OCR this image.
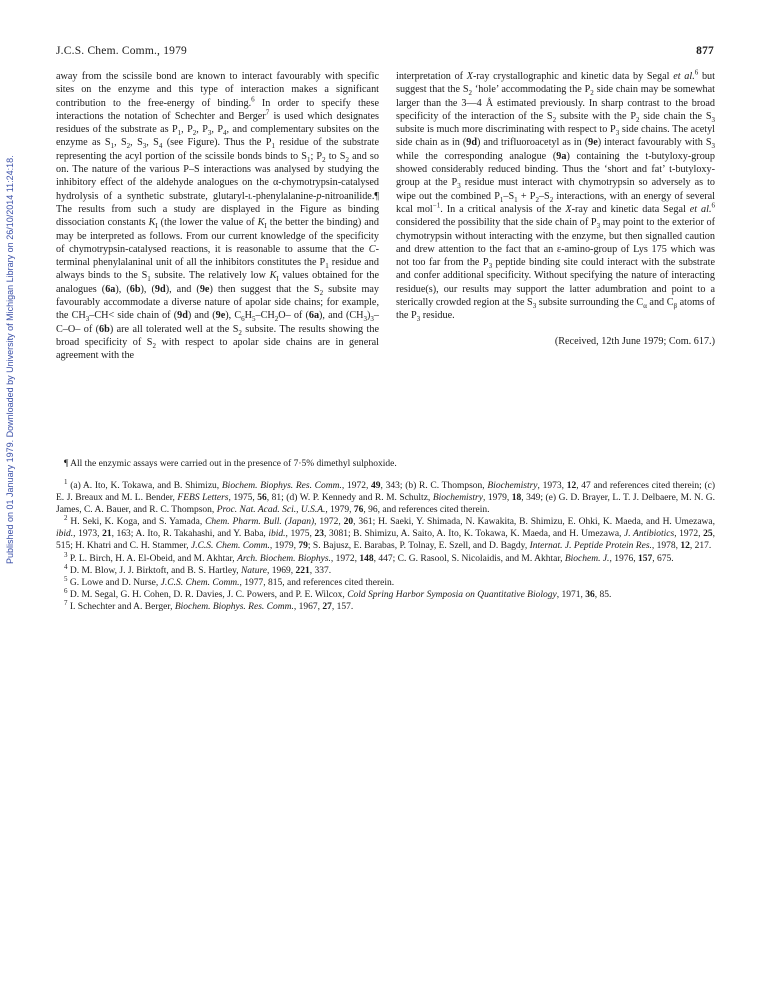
Published on 01 January 1979. Downloaded by University of Michigan Library on 26/10/2014 11:24:18.
J.C.S. Chem. Comm., 1979	877

away from the scissile bond are known to interact favourably with specific sites on the enzyme and this type of interaction makes a significant contribution to the free-energy of binding.$^6$ In order to specify these interactions the notation of Schechter and Berger$^7$ is used which designates residues of the substrate as $P_1$, $P_2$, $P_3$, $P_4$, and complementary subsites on the enzyme as $S_1$, $S_2$, $S_3$, $S_4$ (see Figure). Thus the $P_1$ residue of the substrate representing the acyl portion of the scissile bonds binds to $S_1$; $P_2$ to $S_2$ and so on. The nature of the various P–S interactions was analysed by studying the inhibitory effect of the aldehyde analogues on the α-chymotrypsin-catalysed hydrolysis of a synthetic substrate, glutaryl-l-phenylalanine-p-nitroanilide.¶ The results from such a study are displayed in the Figure as binding dissociation constants $K_I$ (the lower the value of $K_I$ the better the binding) and may be interpreted as follows. From our current knowledge of the specificity of chymotrypsin-catalysed reactions, it is reasonable to assume that the C-terminal phenylalaninal unit of all the inhibitors constitutes the $P_1$ residue and always binds to the $S_1$ subsite. The relatively low $K_I$ values obtained for the analogues (6a), (6b), (9d), and (9e) then suggest that the $S_2$ subsite may favourably accommodate a diverse nature of apolar side chains; for example, the $CH_3-CH<$ side chain of (9d) and (9e), $C_6H_5-CH_2O-$ of (6a), and $(CH_3)_3-C-O-$ of (6b) are all tolerated well at the $S_2$ subsite. The results showing the broad specificity of $S_2$ with respect to apolar side chains are in general agreement with the

interpretation of X-ray crystallographic and kinetic data by Segal et al.$^6$ but suggest that the $S_2$ ‘hole’ accommodating the $P_2$ side chain may be somewhat larger than the 3—4 Å estimated previously. In sharp contrast to the broad specificity of the interaction of the $S_2$ subsite with the $P_2$ side chain the $S_3$ subsite is much more discriminating with respect to $P_3$ side chains. The acetyl side chain as in (9d) and trifluoroacetyl as in (9e) interact favourably with $S_3$ while the corresponding analogue (9a) containing the t-butyloxy-group showed considerably reduced binding. Thus the ‘short and fat’ t-butyloxy-group at the $P_3$ residue must interact with chymotrypsin so adversely as to wipe out the combined $P_1-S_1 + P_2-S_2$ interactions, with an energy of several kcal mol$^{-1}$. In a critical analysis of the X-ray and kinetic data Segal et al.$^6$ considered the possibility that the side chain of $P_3$ may point to the exterior of chymotrypsin without interacting with the enzyme, but then signalled caution and drew attention to the fact that an ε-amino-group of Lys 175 which was not too far from the $P_3$ peptide binding site could interact with the substrate and confer additional specificity. Without specifying the nature of interacting residue(s), our results may support the latter adumbration and point to a sterically crowded region at the $S_3$ subsite surrounding the $C_\alpha$ and $C_\beta$ atoms of the $P_3$ residue.

(Received, 12th June 1979; Com. 617.)

¶ All the enzymic assays were carried out in the presence of 7·5% dimethyl sulphoxide.

$^1$ (a) A. Ito, K. Tokawa, and B. Shimizu, Biochem. Biophys. Res. Comm., 1972, 49, 343; (b) R. C. Thompson, Biochemistry, 1973, 12, 47 and references cited therein; (c) E. J. Breaux and M. L. Bender, FEBS Letters, 1975, 56, 81; (d) W. P. Kennedy and R. M. Schultz, Biochemistry, 1979, 18, 349; (e) G. D. Brayer, L. T. J. Delbaere, M. N. G. James, C. A. Bauer, and R. C. Thompson, Proc. Nat. Acad. Sci., U.S.A., 1979, 76, 96, and references cited therein.

$^2$ H. Seki, K. Koga, and S. Yamada, Chem. Pharm. Bull. (Japan), 1972, 20, 361; H. Saeki, Y. Shimada, N. Kawakita, B. Shimizu, E. Ohki, K. Maeda, and H. Umezawa, ibid., 1973, 21, 163; A. Ito, R. Takahashi, and Y. Baba, ibid., 1975, 23, 3081; B. Shimizu, A. Saito, A. Ito, K. Tokawa, K. Maeda, and H. Umezawa, J. Antibiotics, 1972, 25, 515; H. Khatri and C. H. Stammer, J.C.S. Chem. Comm., 1979, 79; S. Bajusz, E. Barabas, P. Tolnay, E. Szell, and D. Bagdy, Internat. J. Peptide Protein Res., 1978, 12, 217.

$^3$ P. L. Birch, H. A. El-Obeid, and M. Akhtar, Arch. Biochem. Biophys., 1972, 148, 447; C. G. Rasool, S. Nicolaidis, and M. Akhtar, Biochem. J., 1976, 157, 675.

$^4$ D. M. Blow, J. J. Birktoft, and B. S. Hartley, Nature, 1969, 221, 337.

$^5$ G. Lowe and D. Nurse, J.C.S. Chem. Comm., 1977, 815, and references cited therein.

$^6$ D. M. Segal, G. H. Cohen, D. R. Davies, J. C. Powers, and P. E. Wilcox, Cold Spring Harbor Symposia on Quantitative Biology, 1971, 36, 85.

$^7$ I. Schechter and A. Berger, Biochem. Biophys. Res. Comm., 1967, 27, 157.
